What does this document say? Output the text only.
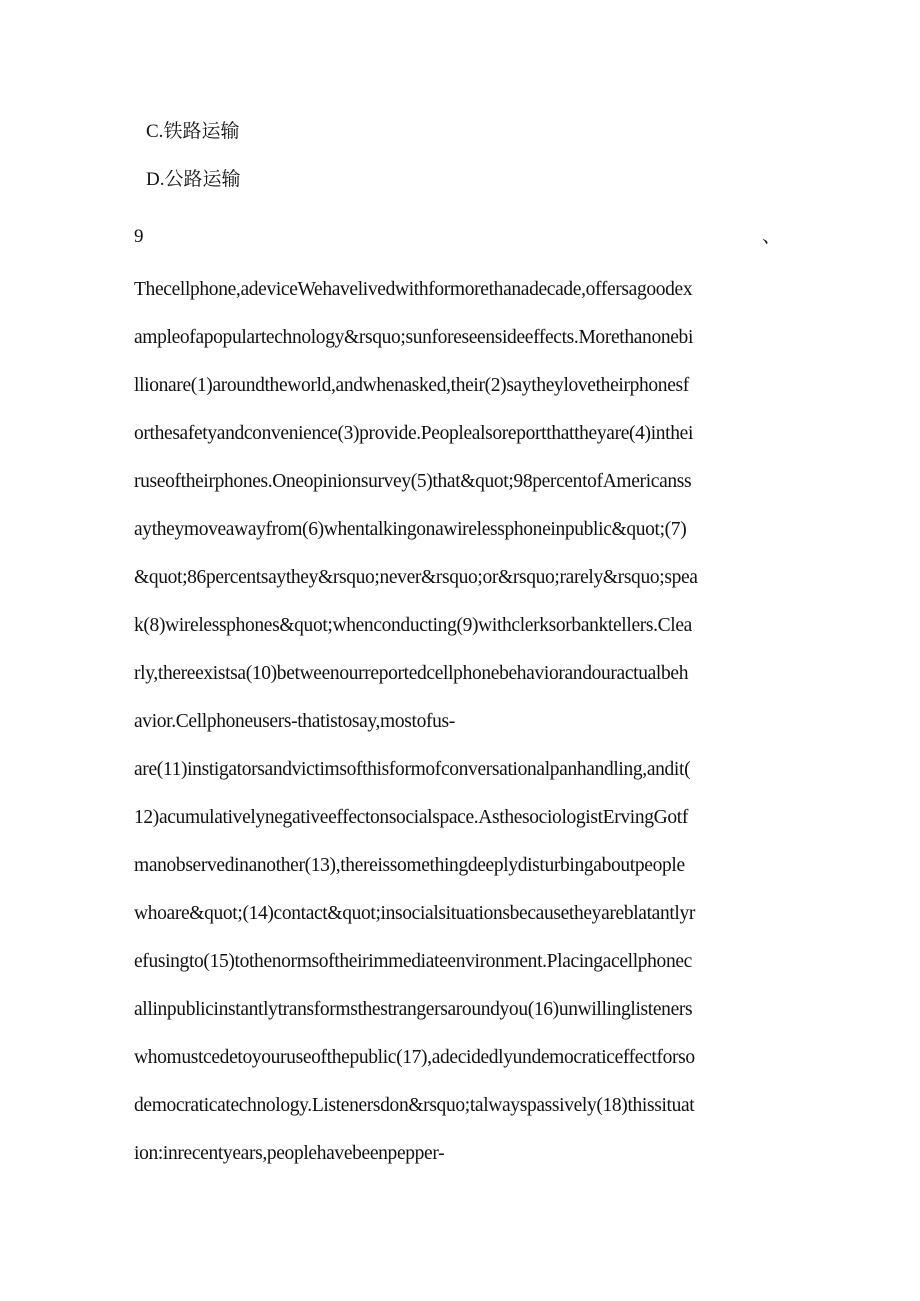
C.铁路运输
D.公路运输
9	、
Thecellphone,adeviceWehavelivedwithformorethanadecade,offersagoodex
ampleofapopulartechnology&rsquo;sunforeseensideeffects.Morethanonebi
llionare(1)aroundtheworld,andwhenasked,their(2)saytheylovetheirphonesf
orthesafetyandconvenience(3)provide.Peoplealsoreportthattheyare(4)inthei
ruseoftheirphones.Oneopinionsurvey(5)that&quot;98percentofAmericanss
aytheymoveawayfrom(6)whentalkingonawirelessphoneinpublic&quot;(7)
&quot;86percentsaythey&rsquo;never&rsquo;or&rsquo;rarely&rsquo;spea
k(8)wirelessphones&quot;whenconducting(9)withclerksorbanktellers.Clea
rly,thereexistsa(10)betweenourreportedcellphonebehaviorandouractualbeh
avior.Cellphoneusers-thatistosay,mostofus-
are(11)instigatorsandvictimsofthisformofconversationalpanhandling,andit(
12)acumulativelynegativeeffectonsocialspace.AsthesociologistErvingGotf
manobservedinanother(13),thereissomethingdeeplydisturbingaboutpeople
whoare&quot;(14)contact&quot;insocialsituationsbecausetheyareblatantlyr
efusingto(15)tothenormsoftheirimmediateenvironment.Placingacellphonec
allinpublicinstantlytransformsthestrangersaroundyou(16)unwillinglisteners
whomustcedetoyouruseofthepublic(17),adecidedlyundemocraticeffectforso
democraticatechnology.Listenersdon&rsquo;talwayspassively(18)thissituat
ion:inrecentyears,peoplehavebeenpepper-
